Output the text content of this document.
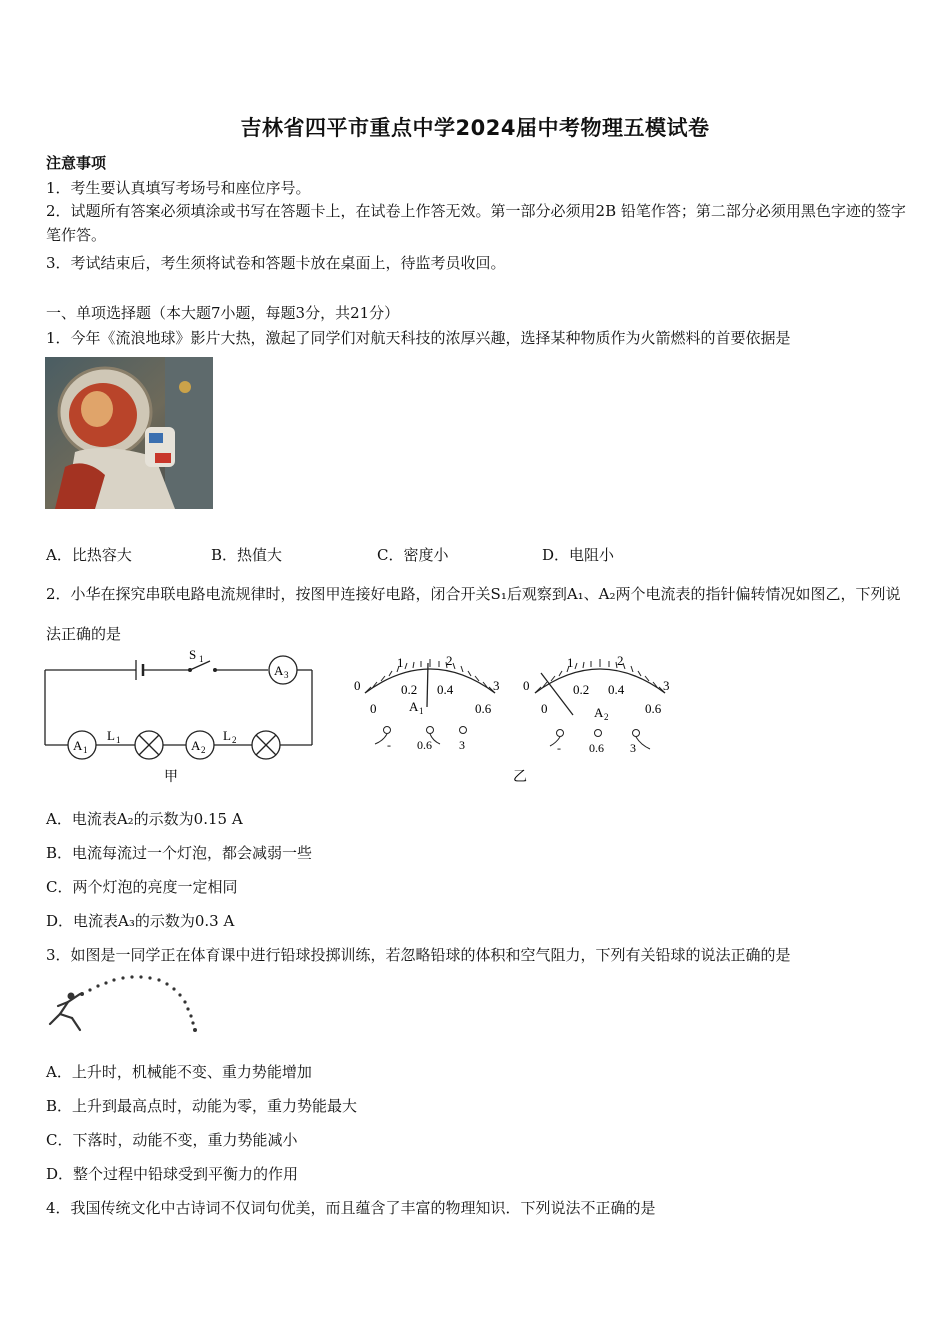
吉林省四平市重点中学2024届中考物理五模试卷
注意事项
1．考生要认真填写考场号和座位序号。
2．试题所有答案必须填涂或书写在答题卡上，在试卷上作答无效。第一部分必须用2B 铅笔作答；第二部分必须用黑色字迹的签字笔作答。
3．考试结束后，考生须将试卷和答题卡放在桌面上，待监考员收回。
一、单项选择题（本大题7小题，每题3分，共21分）
1．今年《流浪地球》影片大热，激起了同学们对航天科技的浓厚兴趣，选择某种物质作为火箭燃料的首要依据是
A．比热容大	B．热值大	C．密度小	D．电阻小
2．小华在探究串联电路电流规律时，按图甲连接好电路，闭合开关S₁后观察到A₁、A₂两个电流表的指针偏转情况如图乙，下列说法正确的是
S 1
A 3
A 1
L 1	A 2
L 2
甲
0
1	2
3
0
0.2 0.4
0.6
A 1
- 0.6 3
0
1	2
3
0
0.2 0.4
0.6
A 2
- 0.6 3
乙
A．电流表A₂的示数为0.15 A
B．电流每流过一个灯泡，都会减弱一些
C．两个灯泡的亮度一定相同
D．电流表A₃的示数为0.3 A
3．如图是一同学正在体育课中进行铅球投掷训练，若忽略铅球的体积和空气阻力，下列有关铅球的说法正确的是
A．上升时，机械能不变、重力势能增加
B．上升到最高点时，动能为零，重力势能最大
C．下落时，动能不变，重力势能减小
D．整个过程中铅球受到平衡力的作用
4．我国传统文化中古诗词不仅词句优美，而且蕴含了丰富的物理知识．下列说法不正确的是
